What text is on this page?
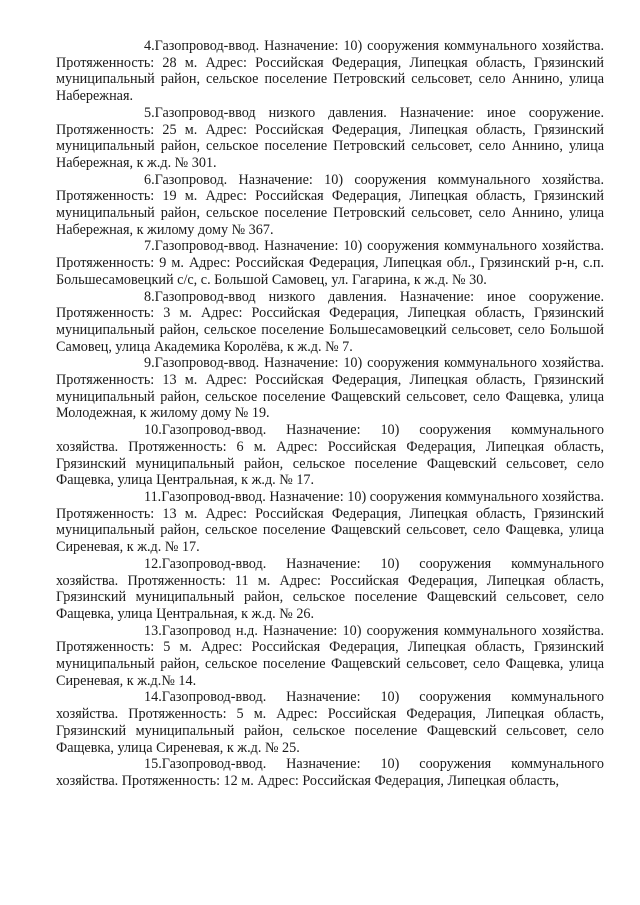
4.Газопровод-ввод. Назначение: 10) сооружения коммунального хозяйства. Протяженность: 28 м. Адрес: Российская Федерация, Липецкая область, Грязинский муниципальный район, сельское поселение Петровский сельсовет, село Аннино, улица Набережная.

5.Газопровод-ввод низкого давления. Назначение: иное сооружение. Протяженность: 25 м. Адрес: Российская Федерация, Липецкая область, Грязинский муниципальный район, сельское поселение Петровский сельсовет, село Аннино, улица Набережная, к ж.д. № 301.

6.Газопровод. Назначение: 10) сооружения коммунального хозяйства. Протяженность: 19 м. Адрес: Российская Федерация, Липецкая область, Грязинский муниципальный район, сельское поселение Петровский сельсовет, село Аннино, улица Набережная, к жилому дому № 367.

7.Газопровод-ввод. Назначение: 10) сооружения коммунального хозяйства. Протяженность: 9 м. Адрес: Российская Федерация, Липецкая обл., Грязинский р-н, с.п. Большесамовецкий с/с, с. Большой Самовец, ул. Гагарина, к ж.д. № 30.

8.Газопровод-ввод низкого давления. Назначение: иное сооружение. Протяженность: 3 м. Адрес: Российская Федерация, Липецкая область, Грязинский муниципальный район, сельское поселение Большесамовецкий сельсовет, село Большой Самовец, улица Академика Королёва, к ж.д. № 7.

9.Газопровод-ввод. Назначение: 10) сооружения коммунального хозяйства. Протяженность: 13 м. Адрес: Российская Федерация, Липецкая область, Грязинский муниципальный район, сельское поселение Фащевский сельсовет, село Фащевка, улица Молодежная, к жилому дому № 19.

10.Газопровод-ввод. Назначение: 10) сооружения коммунального хозяйства. Протяженность: 6 м. Адрес: Российская Федерация, Липецкая область, Грязинский муниципальный район, сельское поселение Фащевский сельсовет, село Фащевка, улица Центральная, к ж.д. № 17.

11.Газопровод-ввод. Назначение: 10) сооружения коммунального хозяйства. Протяженность: 13 м. Адрес: Российская Федерация, Липецкая область, Грязинский муниципальный район, сельское поселение Фащевский сельсовет, село Фащевка, улица Сиреневая, к ж.д. № 17.

12.Газопровод-ввод. Назначение: 10) сооружения коммунального хозяйства. Протяженность: 11 м. Адрес: Российская Федерация, Липецкая область, Грязинский муниципальный район, сельское поселение Фащевский сельсовет, село Фащевка, улица Центральная, к ж.д. № 26.

13.Газопровод н.д. Назначение: 10) сооружения коммунального хозяйства. Протяженность: 5 м. Адрес: Российская Федерация, Липецкая область, Грязинский муниципальный район, сельское поселение Фащевский сельсовет, село Фащевка, улица Сиреневая, к ж.д.№ 14.

14.Газопровод-ввод. Назначение: 10) сооружения коммунального хозяйства. Протяженность: 5 м. Адрес: Российская Федерация, Липецкая область, Грязинский муниципальный район, сельское поселение Фащевский сельсовет, село Фащевка, улица Сиреневая, к ж.д. № 25.

15.Газопровод-ввод. Назначение: 10) сооружения коммунального хозяйства. Протяженность: 12 м. Адрес: Российская Федерация, Липецкая область,
